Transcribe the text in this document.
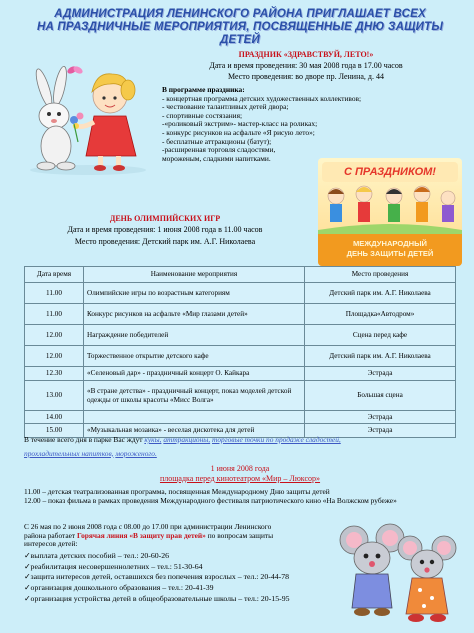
АДМИНИСТРАЦИЯ ЛЕНИНСКОГО РАЙОНА ПРИГЛАШАЕТ ВСЕХ
НА ПРАЗДНИЧНЫЕ МЕРОПРИЯТИЯ, ПОСВЯЩЕННЫЕ ДНЮ ЗАЩИТЫ ДЕТЕЙ
ПРАЗДНИК «ЗДРАВСТВУЙ, ЛЕТО!»
Дата и время проведения: 30 мая 2008 года в 17.00 часов
Место проведения: во дворе пр. Ленина, д. 44
В программе праздника:
- концертная программа детских художественных коллективов;
- чествование талантливых детей двора;
- спортивные состязания;
-«роликовый экстрим»- мастер-класс на роликах;
- конкурс рисунков на асфальте «Я рисую лето»;
- бесплатные аттракционы (батут);
-расширенная торговля сладостями,
мороженым, сладкими напитками.
С ПРАЗДНИКОМ!
МЕЖДУНАРОДНЫЙ
ДЕНЬ ЗАЩИТЫ ДЕТЕЙ
ДЕНЬ ОЛИМПИЙСКИХ ИГР
Дата и время проведения: 1 июня 2008 года в 11.00 часов
Место проведения: Детский парк им. А.Г. Николаева
Дата время	Наименование мероприятия	Место проведения
11.00	Олимпийские игры по возрастным категориям	Детский парк им. А.Г. Николаева
11.00	Конкурс рисунков на асфальте «Мир глазами детей»	Площадка«Автодром»
12.00	Награждение победителей	Сцена перед кафе
12.00	Торжественное открытие детского кафе	Детский парк им. А.Г. Николаева
12.30	«Селеновый дар» - праздничный концерт О. Кайкара	Эстрада
13.00	«В стране детства» - праздничный концерт, показ моделей детской одежды от школы красоты «Мисс Волга»	Большая сцена
14.00		Эстрада
15.00	«Музыкальная мозаика» - веселая дискотека для детей	Эстрада
В течение всего дня в парке Вас ждут кукы, аттракционы, торговые точки по продаже сладостей,
прохладительных напитков, мороженого.
1 июня 2008 года
площадка перед кинотеатром «Мир – Люксор»
11.00 – детская театрализованная программа, посвященная Международному Дню защиты детей
12.00 – показ фильма в рамках проведения Международного фестиваля патриотического кино «На Волжском рубеже»
С 26 мая по 2 июня 2008 года с 08.00 до 17.00 при администрации Ленинского
района работает Горячая линия «В защиту прав детей» по вопросам защиты
интересов детей:
✓выплата детских пособий – тел.: 20-60-26
✓реабилитация несовершеннолетних – тел.: 51-30-64
✓защита интересов детей, оставшихся без попечения взрослых – тел.: 20-44-78
✓организация дошкольного образования – тел.: 20-41-39
✓организация устройства детей в общеобразовательные школы – тел.: 20-15-95
